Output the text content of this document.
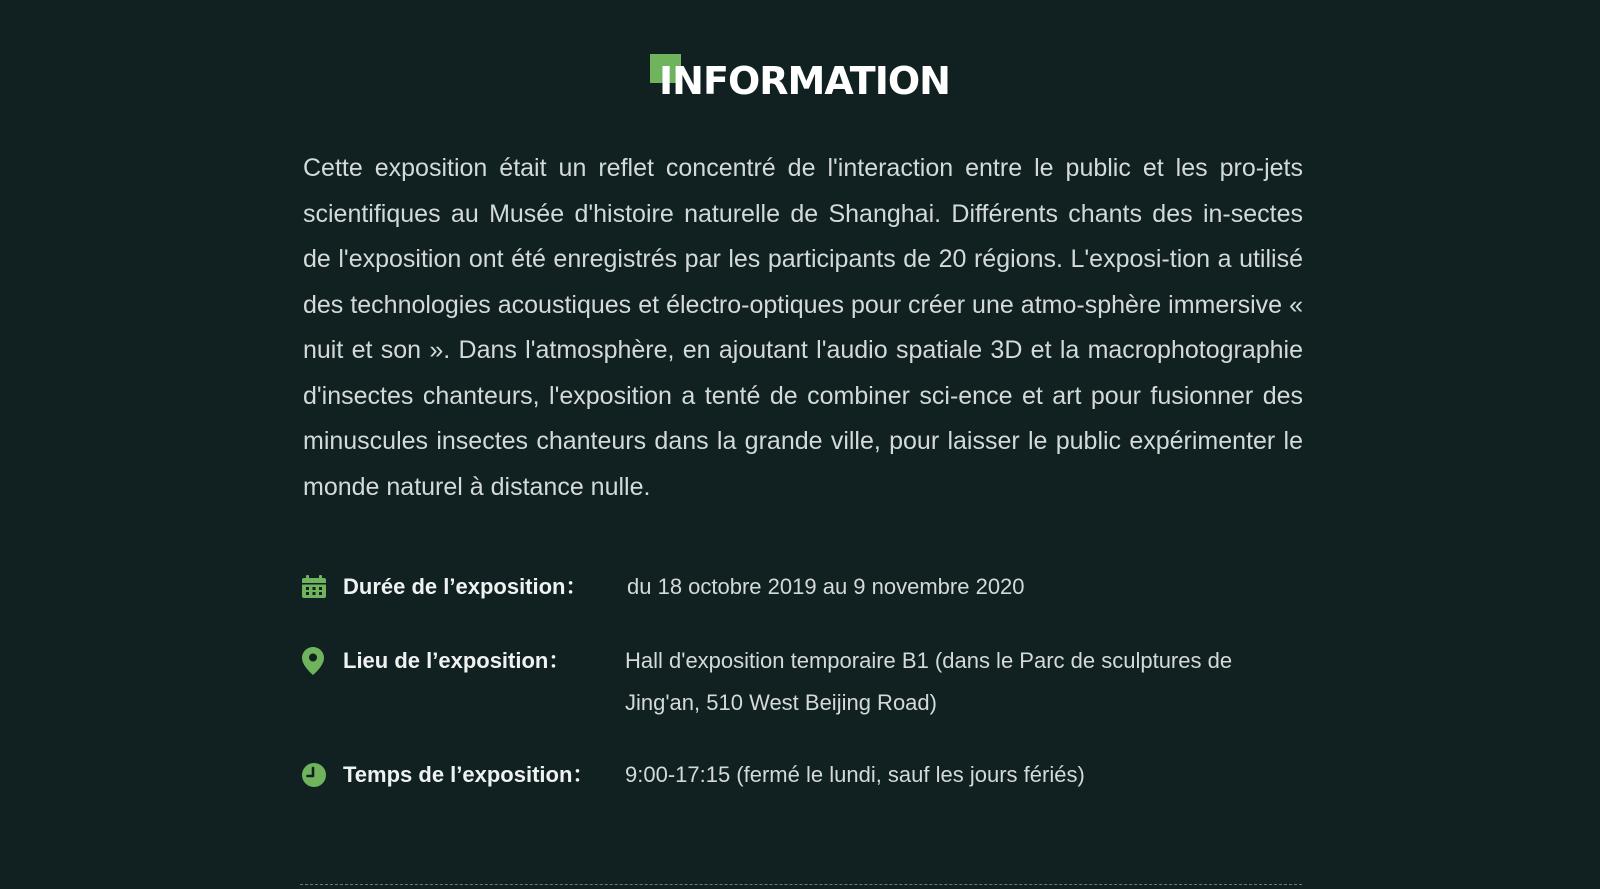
INFORMATION

Cette exposition était un reflet concentré de l'interaction entre le public et les pro-jets scientifiques au Musée d'histoire naturelle de Shanghai. Différents chants des in-sectes de l'exposition ont été enregistrés par les participants de 20 régions. L'exposi-tion a utilisé des technologies acoustiques et électro-optiques pour créer une atmo-sphère immersive « nuit et son ». Dans l'atmosphère, en ajoutant l'audio spatiale 3D et la macrophotographie d'insectes chanteurs, l'exposition a tenté de combiner sci-ence et art pour fusionner des minuscules insectes chanteurs dans la grande ville, pour laisser le public expérimenter le monde naturel à distance nulle.

Durée de l’exposition：	du 18 octobre 2019 au 9 novembre 2020
Lieu de l’exposition：	Hall d'exposition temporaire B1 (dans le Parc de sculptures de Jing'an, 510 West Beijing Road)
Temps de l’exposition：	9:00-17:15 (fermé le lundi, sauf les jours fériés)
